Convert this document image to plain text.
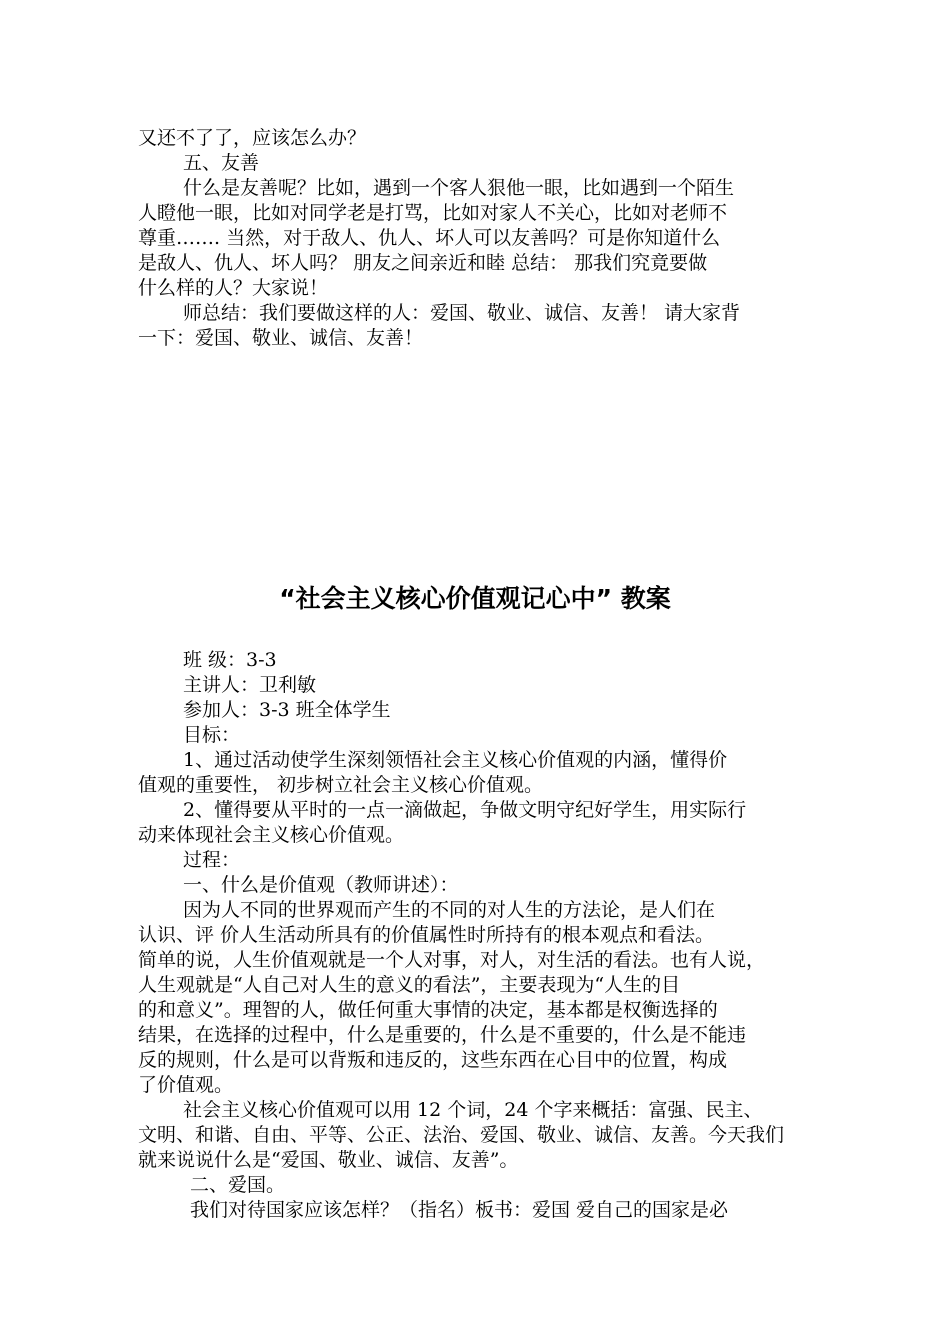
又还不了了，应该怎么办？
五、友善
什么是友善呢？比如，遇到一个客人狠他一眼，比如遇到一个陌生
人瞪他一眼，比如对同学老是打骂，比如对家人不关心，比如对老师不
尊重……. 当然，对于敌人、仇人、坏人可以友善吗？可是你知道什么
是敌人、仇人、坏人吗？ 朋友之间亲近和睦 总结： 那我们究竟要做
什么样的人？大家说！
师总结：我们要做这样的人：爱国、敬业、诚信、友善！ 请大家背
一下：爱国、敬业、诚信、友善！
“社会主义核心价值观记心中” 教案
班 级：3-3
主讲人：卫利敏
参加人：3-3 班全体学生
目标：
1、通过活动使学生深刻领悟社会主义核心价值观的内涵，懂得价
值观的重要性， 初步树立社会主义核心价值观。
2、懂得要从平时的一点一滴做起，争做文明守纪好学生，用实际行
动来体现社会主义核心价值观。
过程：
一、什么是价值观（教师讲述）：
因为人不同的世界观而产生的不同的对人生的方法论，是人们在
认识、评 价人生活动所具有的价值属性时所持有的根本观点和看法。
简单的说，人生价值观就是一个人对事，对人，对生活的看法。也有人说，
人生观就是“人自己对人生的意义的看法”，主要表现为“人生的目
的和意义”。理智的人，做任何重大事情的决定，基本都是权衡选择的
结果，在选择的过程中，什么是重要的，什么是不重要的，什么是不能违
反的规则，什么是可以背叛和违反的，这些东西在心目中的位置，构成
了价值观。
社会主义核心价值观可以用 12 个词，24 个字来概括：富强、民主、
文明、和谐、自由、平等、公正、法治、爱国、敬业、诚信、友善。今天我们
就来说说什么是“爱国、敬业、诚信、友善”。
二、爱国。
我们对待国家应该怎样？（指名）板书：爱国 爱自己的国家是必
